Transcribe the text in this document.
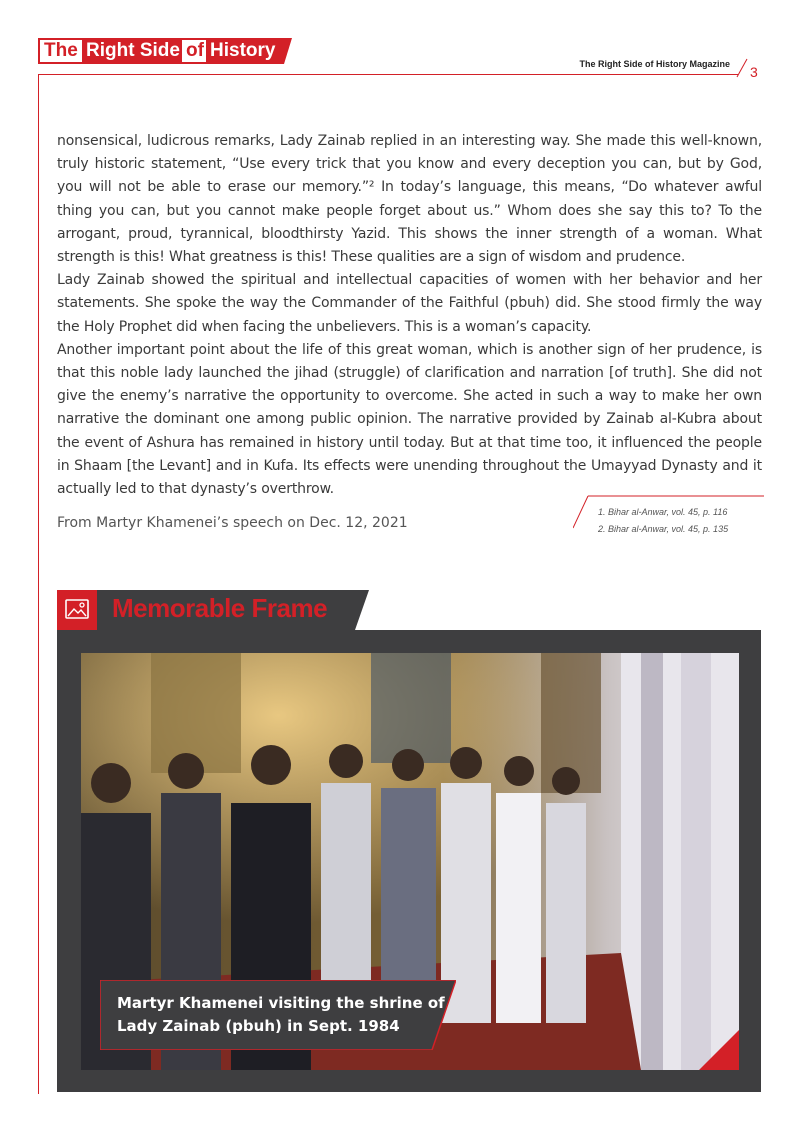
The Right Side of History
The Right Side of History Magazine 3

nonsensical, ludicrous remarks, Lady Zainab replied in an interesting way. She made this well-known, truly historic statement, “Use every trick that you know and every deception you can, but by God, you will not be able to erase our memory.”² In today’s language, this means, “Do whatever awful thing you can, but you cannot make people forget about us.” Whom does she say this to? To the arrogant, proud, tyrannical, bloodthirsty Yazid. This shows the inner strength of a woman. What strength is this! What greatness is this! These qualities are a sign of wisdom and prudence.

Lady Zainab showed the spiritual and intellectual capacities of women with her behavior and her statements. She spoke the way the Commander of the Faithful (pbuh) did. She stood firmly the way the Holy Prophet did when facing the unbelievers. This is a woman’s capacity.

Another important point about the life of this great woman, which is another sign of her prudence, is that this noble lady launched the jihad (struggle) of clarification and narration [of truth]. She did not give the enemy’s narrative the opportunity to overcome. She acted in such a way to make her own narrative the dominant one among public opinion. The narrative provided by Zainab al-Kubra about the event of Ashura has remained in history until today. But at that time too, it influenced the people in Shaam [the Levant] and in Kufa. Its effects were unending throughout the Umayyad Dynasty and it actually led to that dynasty’s overthrow.

From Martyr Khamenei’s speech on Dec. 12, 2021
1. Bihar al-Anwar, vol. 45, p. 116
2. Bihar al-Anwar, vol. 45, p. 135
Memorable Frame
Martyr Khamenei visiting the shrine of Lady Zainab (pbuh) in Sept. 1984
